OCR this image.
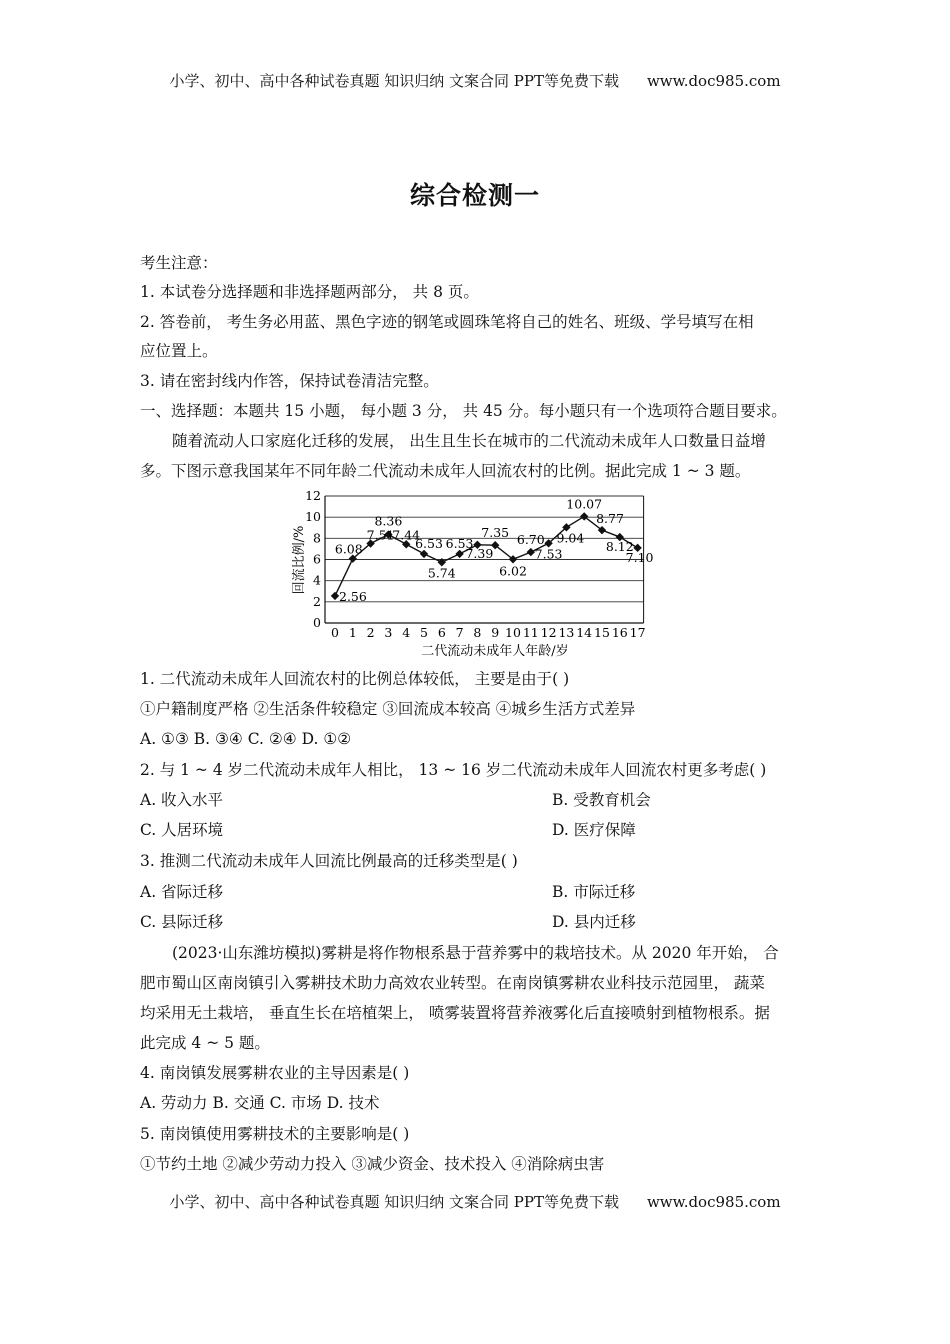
小学、初中、高中各种试卷真题 知识归纳 文案合同 PPT等免费下载 www.doc985.com
综合检测一
考生注意：
1. 本试卷分选择题和非选择题两部分， 共 8 页。
2. 答卷前， 考生务必用蓝、黑色字迹的钢笔或圆珠笔将自己的姓名、班级、学号填写在相
应位置上。
3. 请在密封线内作答，保持试卷清洁完整。
一、选择题：本题共 15 小题， 每小题 3 分， 共 45 分。每小题只有一个选项符合题目要求。
随着流动人口家庭化迁移的发展， 出生且生长在城市的二代流动未成年人口数量日益增
多。下图示意我国某年不同年龄二代流动未成年人回流农村的比例。据此完成 1 ~ 3 题。
0
2
4
6
8
10
12
0 1 2 3 4 5 6 7 8 9 10 11 12 13 14 15 16 17
2.56
6.08
7.51
8.36
7.44
6.53
5.74
6.53
7.39
7.35
6.02
6.70
7.53
9.04
10.07
8.77
8.12
7.10
回流比例/%
二代流动未成年人年龄/岁
1. 二代流动未成年人回流农村的比例总体较低， 主要是由于( )
①户籍制度严格 ②生活条件较稳定 ③回流成本较高 ④城乡生活方式差异
A. ①③ B. ③④ C. ②④ D. ①②
2. 与 1 ~ 4 岁二代流动未成年人相比， 13 ~ 16 岁二代流动未成年人回流农村更多考虑( )
A. 收入水平	B. 受教育机会
C. 人居环境	D. 医疗保障
3. 推测二代流动未成年人回流比例最高的迁移类型是( )
A. 省际迁移	B. 市际迁移
C. 县际迁移	D. 县内迁移
(2023·山东潍坊模拟)雾耕是将作物根系悬于营养雾中的栽培技术。从 2020 年开始， 合
肥市蜀山区南岗镇引入雾耕技术助力高效农业转型。在南岗镇雾耕农业科技示范园里， 蔬菜
均采用无土栽培， 垂直生长在培植架上， 喷雾装置将营养液雾化后直接喷射到植物根系。据
此完成 4 ~ 5 题。
4. 南岗镇发展雾耕农业的主导因素是( )
A. 劳动力 B. 交通 C. 市场 D. 技术
5. 南岗镇使用雾耕技术的主要影响是( )
①节约土地 ②减少劳动力投入 ③减少资金、技术投入 ④消除病虫害
小学、初中、高中各种试卷真题 知识归纳 文案合同 PPT等免费下载 www.doc985.com
